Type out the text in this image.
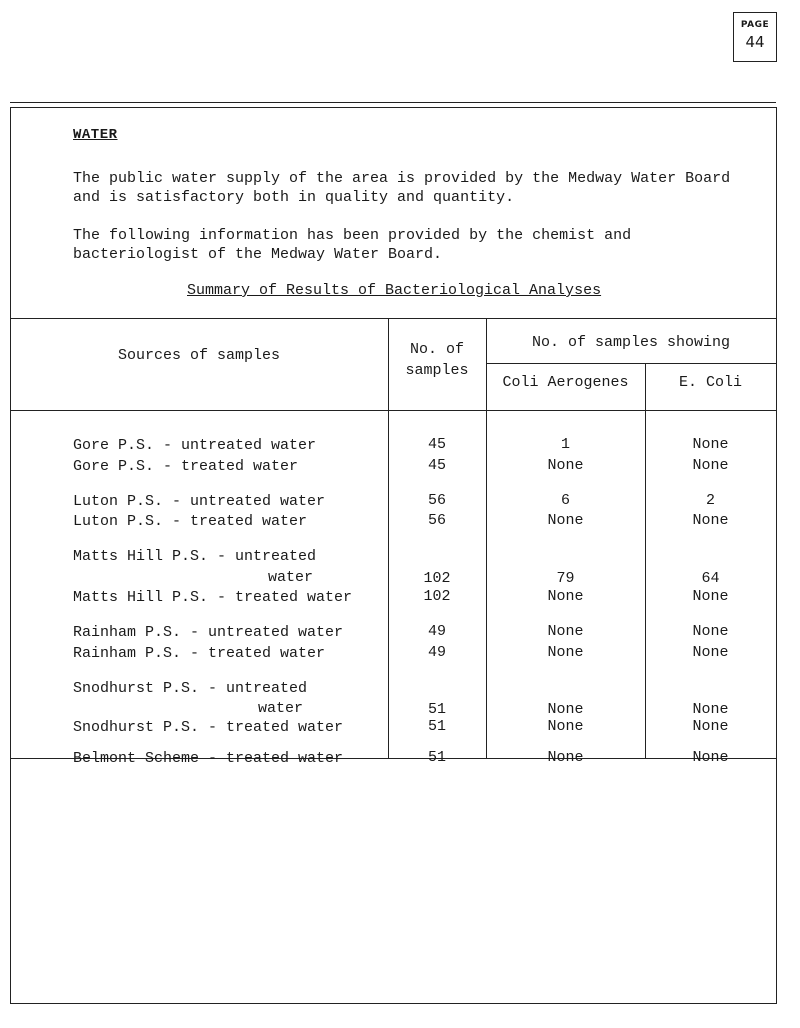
PAGE
44
WATER
The public water supply of the area is provided by the Medway Water Board and is satisfactory both in quality and quantity.
The following information has been provided by the chemist and bacteriologist of the Medway Water Board.
Summary of Results of Bacteriological Analyses
Sources of samples	No. of
samples
No. of samples showing
Coli Aerogenes	E. Coli
Gore P.S. - untreated water	45	1	None
Gore P.S. - treated water	45	None	None
Luton P.S. - untreated water	56	6	2
Luton P.S. - treated water	56	None	None
Matts Hill P.S. - untreated
water	102	79	64
Matts Hill P.S. - treated water	102	None	None
Rainham P.S. - untreated water	49	None	None
Rainham P.S. - treated water	49	None	None
Snodhurst P.S. - untreated
water	51	None	None
Snodhurst P.S. - treated water	51	None	None
Belmont Scheme - treated water	51	None	None
